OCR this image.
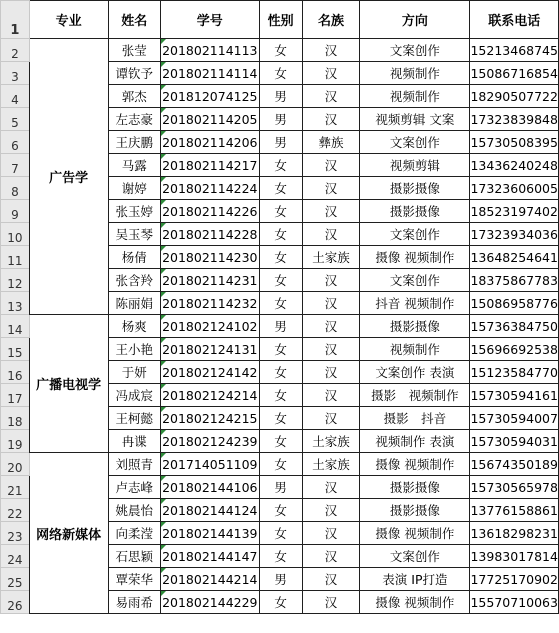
1	专业	姓名	学号	性别	名族	方向	联系电话
2	广告学	张莹	201802114113	女	汉	文案创作	15213468745
3		谭钦予	201802114114	女	汉	视频制作	15086716854
4		郭杰	201812074125	男	汉	视频制作	18290507722
5		左志豪	201802114205	男	汉	视频剪辑 文案	17323839848
6		王庆鹏	201802114206	男	彝族	文案创作	15730508395
7		马露	201802114217	女	汉	视频剪辑	13436240248
8		谢婷	201802114224	女	汉	摄影摄像	17323606005
9		张玉婷	201802114226	女	汉	摄影摄像	18523197402
10		吴玉琴	201802114228	女	汉	文案创作	17323934036
11		杨倩	201802114230	女	土家族	摄像 视频制作	13648254641
12		张含羚	201802114231	女	汉	文案创作	18375867783
13		陈丽娟	201802114232	女	汉	抖音 视频制作	15086958776
14	广播电视学	杨爽	201802124102	男	汉	摄影摄像	15736384750
15		王小艳	201802124131	女	汉	视频制作	15696692538
16		于妍	201802124142	女	汉	文案创作 表演	15123584770
17		冯成宸	201802124214	女	汉	摄影　视频制作	15730594161
18		王柯懿	201802124215	女	汉	摄影　抖音	15730594007
19		冉谍	201802124239	女	土家族	视频制作 表演	15730594031
20	网络新媒体	刘照青	201714051109	女	土家族	摄像 视频制作	15674350189
21		卢志峰	201802144106	男	汉	摄影摄像	15730565978
22		姚晨怡	201802144124	女	汉	摄影摄像	13776158861
23		向柔滢	201802144139	女	汉	摄像 视频制作	13618298231
24		石思颖	201802144147	女	汉	文案创作	13983017814
25		覃荣华	201802144214	男	汉	表演 IP打造	17725170902
26		易雨希	201802144229	女	汉	摄像 视频制作	15570710063
